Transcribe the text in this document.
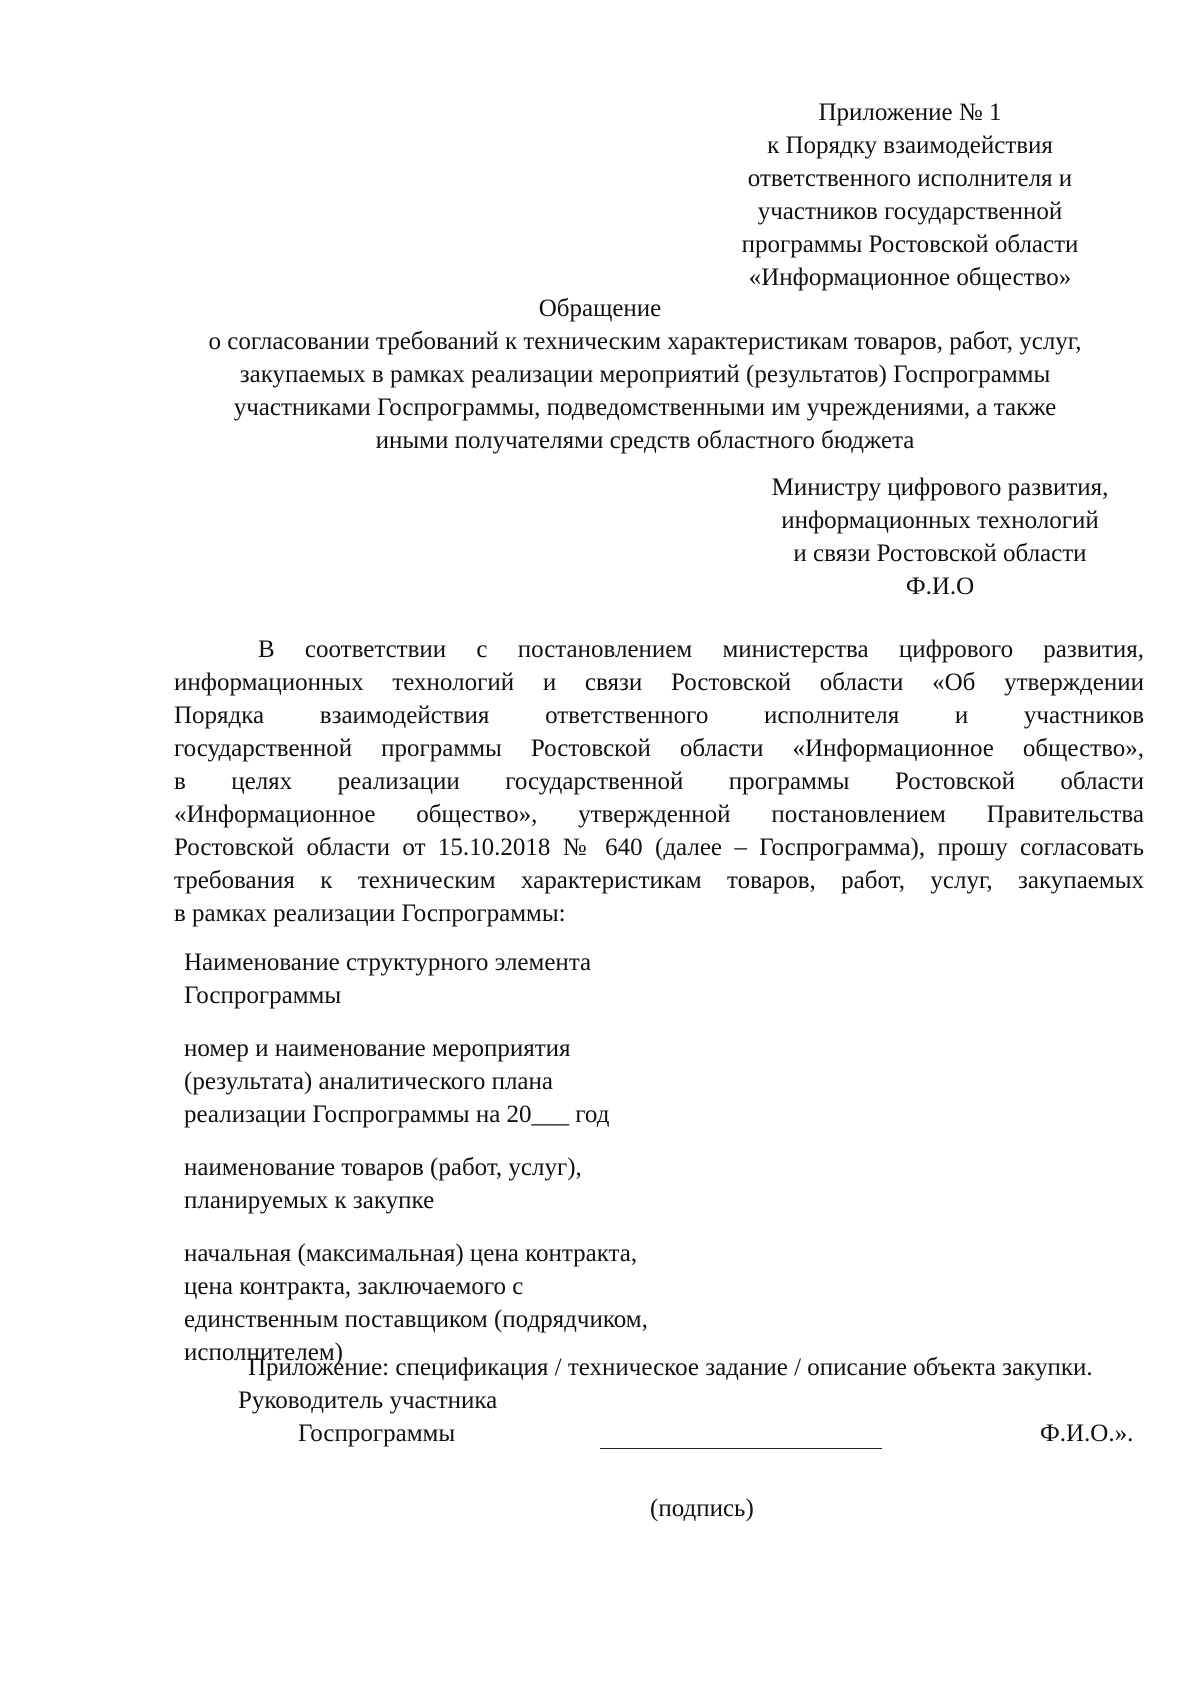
Приложение № 1
к Порядку взаимодействия
ответственного исполнителя и
участников государственной
программы Ростовской области
«Информационное общество»
Обращение
о согласовании требований к техническим характеристикам товаров, работ, услуг,
закупаемых в рамках реализации мероприятий (результатов) Госпрограммы
участниками Госпрограммы, подведомственными им учреждениями, а также
иными получателями средств областного бюджета
Министру цифрового развития,
информационных технологий
и связи Ростовской области
Ф.И.О
В соответствии с постановлением министерства цифрового развития,
информационных технологий и связи Ростовской области «Об утверждении
Порядка взаимодействия ответственного исполнителя и участников
государственной программы Ростовской области «Информационное общество»,
в целях реализации государственной программы Ростовской области
«Информационное общество», утвержденной постановлением Правительства
Ростовской области от 15.10.2018 № 640 (далее – Госпрограмма), прошу согласовать
требования к техническим характеристикам товаров, работ, услуг, закупаемых
в рамках реализации Госпрограммы:
Наименование структурного элемента
Госпрограммы
номер и наименование мероприятия
(результата) аналитического плана
реализации Госпрограммы на 20___ год
наименование товаров (работ, услуг),
планируемых к закупке
начальная (максимальная) цена контракта,
цена контракта, заключаемого с
единственным поставщиком (подрядчиком,
исполнителем)
Приложение: спецификация / техническое задание / описание объекта закупки.
Руководитель участника
Госпрограммы	Ф.И.О.».
(подпись)
